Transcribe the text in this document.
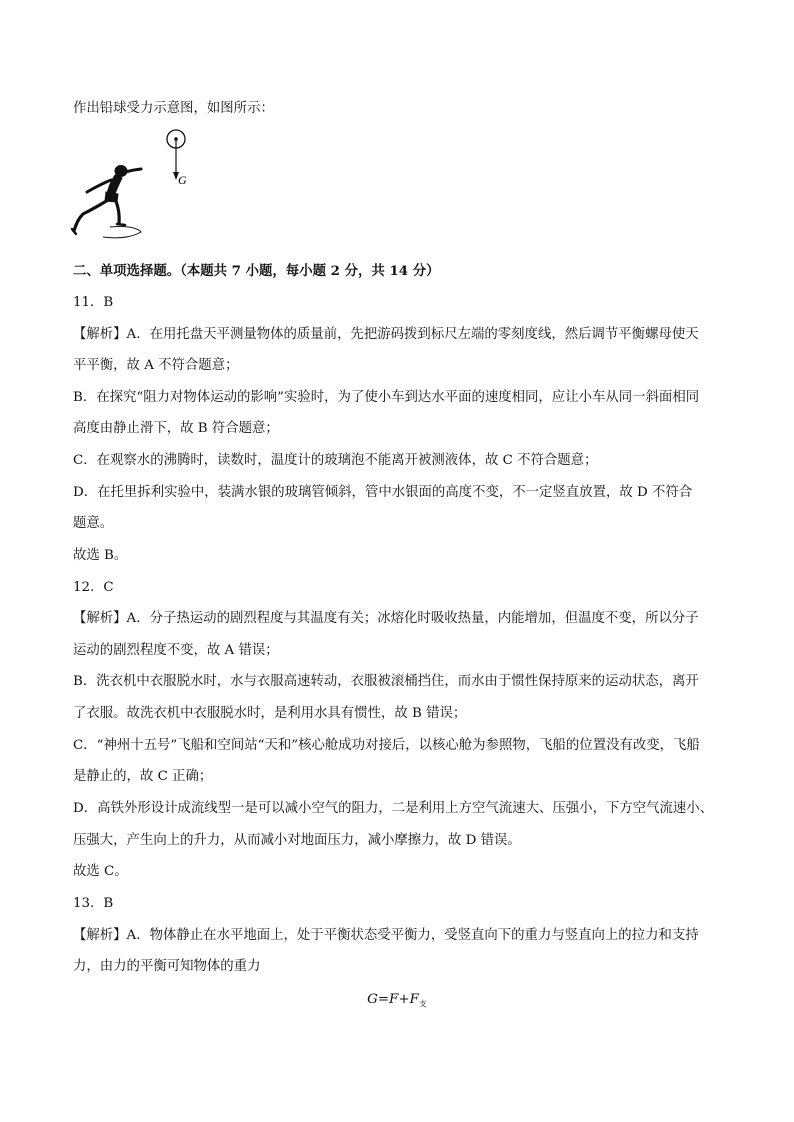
作出铅球受力示意图，如图所示：
G
二、单项选择题。（本题共 7 小题，每小题 2 分，共 14 分）
11．B
【解析】A．在用托盘天平测量物体的质量前，先把游码拨到标尺左端的零刻度线，然后调节平衡螺母使天
平平衡，故 A 不符合题意；
B．在探究“阻力对物体运动的影响”实验时，为了使小车到达水平面的速度相同，应让小车从同一斜面相同
高度由静止滑下，故 B 符合题意；
C．在观察水的沸腾时，读数时，温度计的玻璃泡不能离开被测液体，故 C 不符合题意；
D．在托里拆利实验中，装满水银的玻璃管倾斜，管中水银面的高度不变，不一定竖直放置，故 D 不符合
题意。
故选 B。
12．C
【解析】A．分子热运动的剧烈程度与其温度有关；冰熔化时吸收热量，内能增加，但温度不变，所以分子
运动的剧烈程度不变，故 A 错误；
B．洗衣机中衣服脱水时，水与衣服高速转动，衣服被滚桶挡住，而水由于惯性保持原来的运动状态，离开
了衣服。故洗衣机中衣服脱水时，是利用水具有惯性，故 B 错误；
C．“神州十五号”飞船和空间站“天和”核心舱成功对接后，以核心舱为参照物，飞船的位置没有改变，飞船
是静止的，故 C 正确；
D．高铁外形设计成流线型一是可以减小空气的阻力，二是利用上方空气流速大、压强小，下方空气流速小、
压强大，产生向上的升力，从而减小对地面压力，减小摩擦力，故 D 错误。
故选 C。
13．B
【解析】A．物体静止在水平地面上，处于平衡状态受平衡力，受竖直向下的重力与竖直向上的拉力和支持
力，由力的平衡可知物体的重力
$G=F+F_支$
